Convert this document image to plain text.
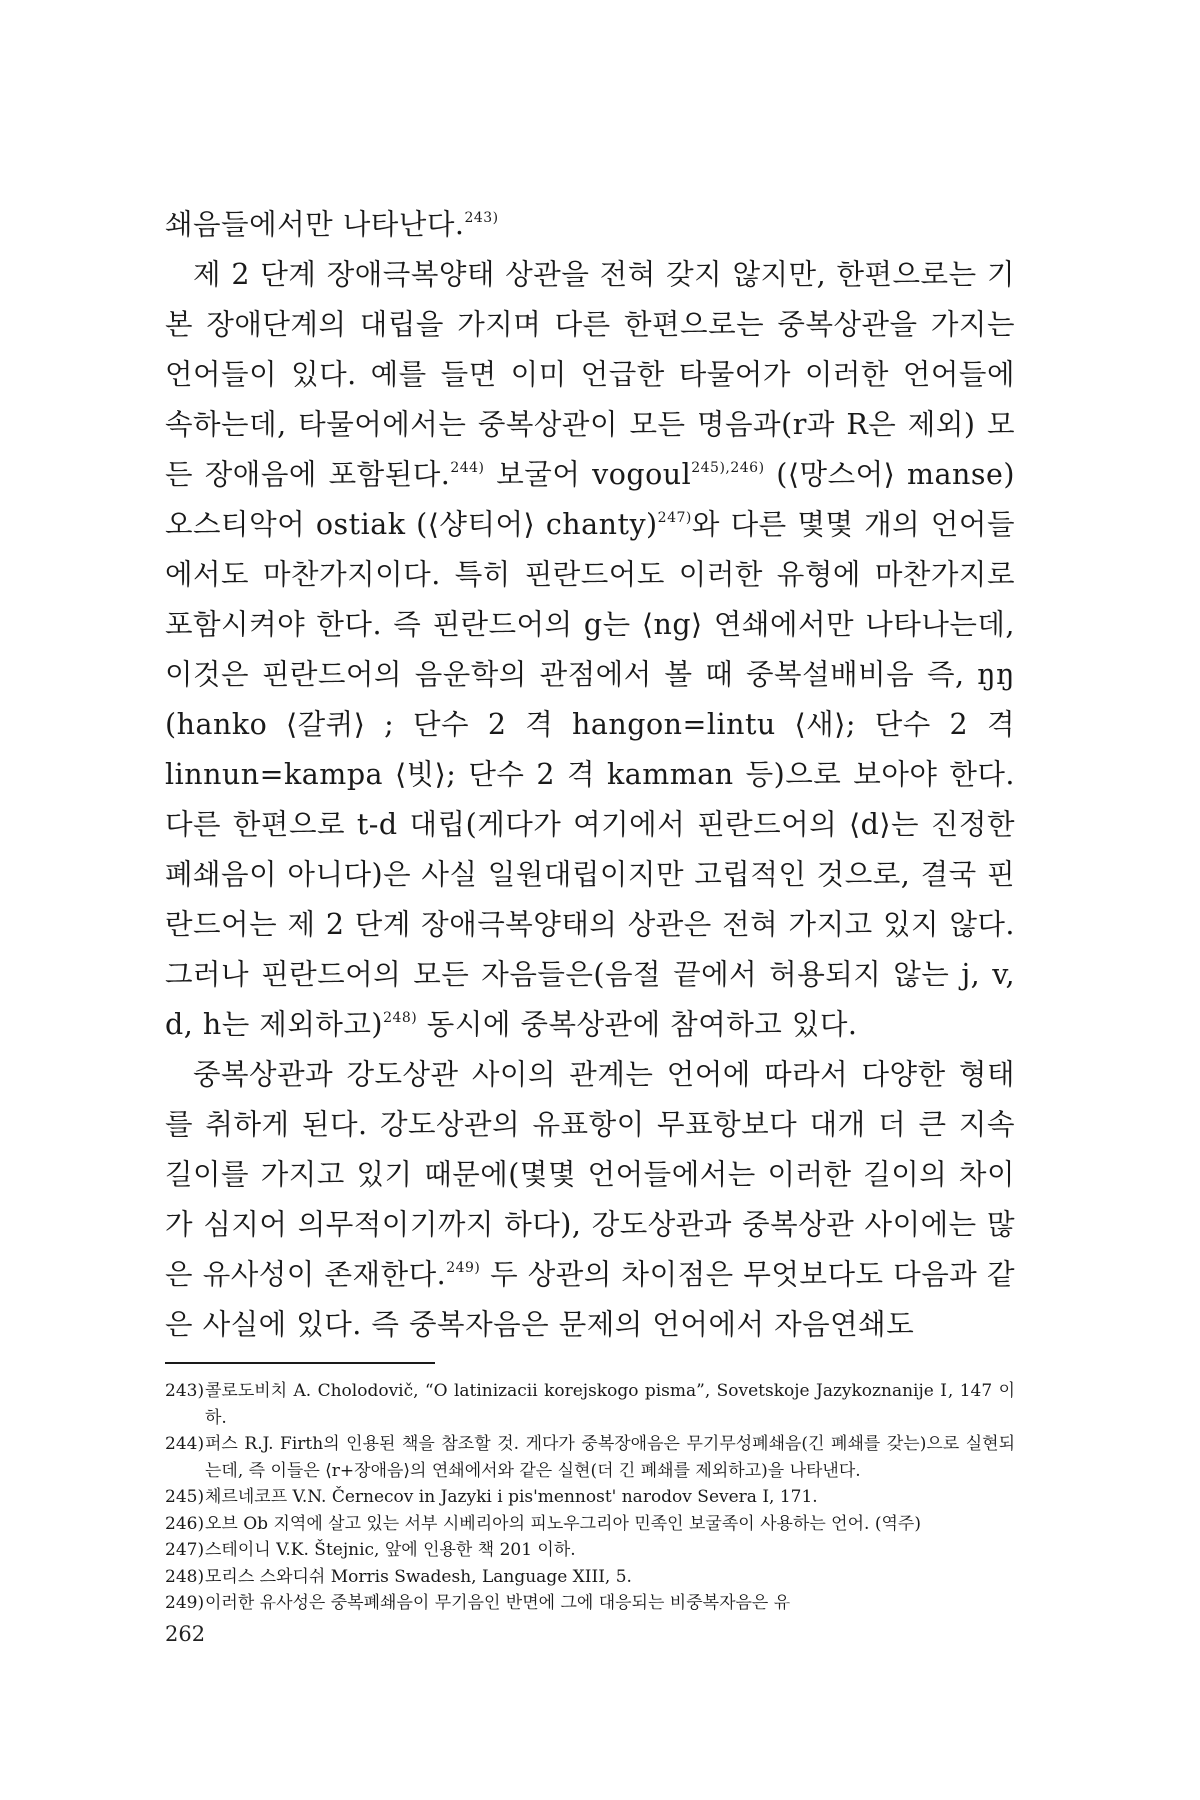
쇄음들에서만 나타난다.$^{243)}$

제 2 단계 장애극복양태 상관을 전혀 갖지 않지만, 한편으로는 기본 장애단계의 대립을 가지며 다른 한편으로는 중복상관을 가지는 언어들이 있다. 예를 들면 이미 언급한 타물어가 이러한 언어들에 속하는데, 타물어에서는 중복상관이 모든 명음과(r과 R은 제외) 모든 장애음에 포함된다.$^{244)}$ 보굴어 vogoul$^{245),246)}$ (⟨망스어⟩ manse) 오스티악어 ostiak (⟨샹티어⟩ chanty)$^{247)}$와 다른 몇몇 개의 언어들에서도 마찬가지이다. 특히 핀란드어도 이러한 유형에 마찬가지로 포함시켜야 한다. 즉 핀란드어의 g는 ⟨ng⟩ 연쇄에서만 나타나는데, 이것은 핀란드어의 음운학의 관점에서 볼 때 중복설배비음 즉, ŋŋ (hanko ⟨갈퀴⟩ ; 단수 2 격 hangon=lintu ⟨새⟩; 단수 2 격 linnun=kampa ⟨빗⟩; 단수 2 격 kamman 등)으로 보아야 한다. 다른 한편으로 t-d 대립(게다가 여기에서 핀란드어의 ⟨d⟩는 진정한 폐쇄음이 아니다)은 사실 일원대립이지만 고립적인 것으로, 결국 핀란드어는 제 2 단계 장애극복양태의 상관은 전혀 가지고 있지 않다. 그러나 핀란드어의 모든 자음들은(음절 끝에서 허용되지 않는 j, v, d, h는 제외하고)$^{248)}$ 동시에 중복상관에 참여하고 있다.

중복상관과 강도상관 사이의 관계는 언어에 따라서 다양한 형태를 취하게 된다. 강도상관의 유표항이 무표항보다 대개 더 큰 지속길이를 가지고 있기 때문에(몇몇 언어들에서는 이러한 길이의 차이가 심지어 의무적이기까지 하다), 강도상관과 중복상관 사이에는 많은 유사성이 존재한다.$^{249)}$ 두 상관의 차이점은 무엇보다도 다음과 같은 사실에 있다. 즉 중복자음은 문제의 언어에서 자음연쇄도

243) 콜로도비치 A. Cholodovič, “O latinizacii korejskogo pisma”, Sovetskoje Jazykoznanije Ⅰ, 147 이하.
244) 퍼스 R.J. Firth의 인용된 책을 참조할 것. 게다가 중복장애음은 무기무성폐쇄음(긴 폐쇄를 갖는)으로 실현되는데, 즉 이들은 ⟨r+장애음⟩의 연쇄에서와 같은 실현(더 긴 폐쇄를 제외하고)을 나타낸다.
245) 체르네코프 V.N. Černecov in Jazyki i pis'mennost' narodov Severa Ⅰ, 171.
246) 오브 Ob 지역에 살고 있는 서부 시베리아의 피노우그리아 민족인 보굴족이 사용하는 언어. (역주)
247) 스테이니 V.K. Štejnic, 앞에 인용한 책 201 이하.
248) 모리스 스와디쉬 Morris Swadesh, Language XIII, 5.
249) 이러한 유사성은 중복폐쇄음이 무기음인 반면에 그에 대응되는 비중복자음은 유
262
